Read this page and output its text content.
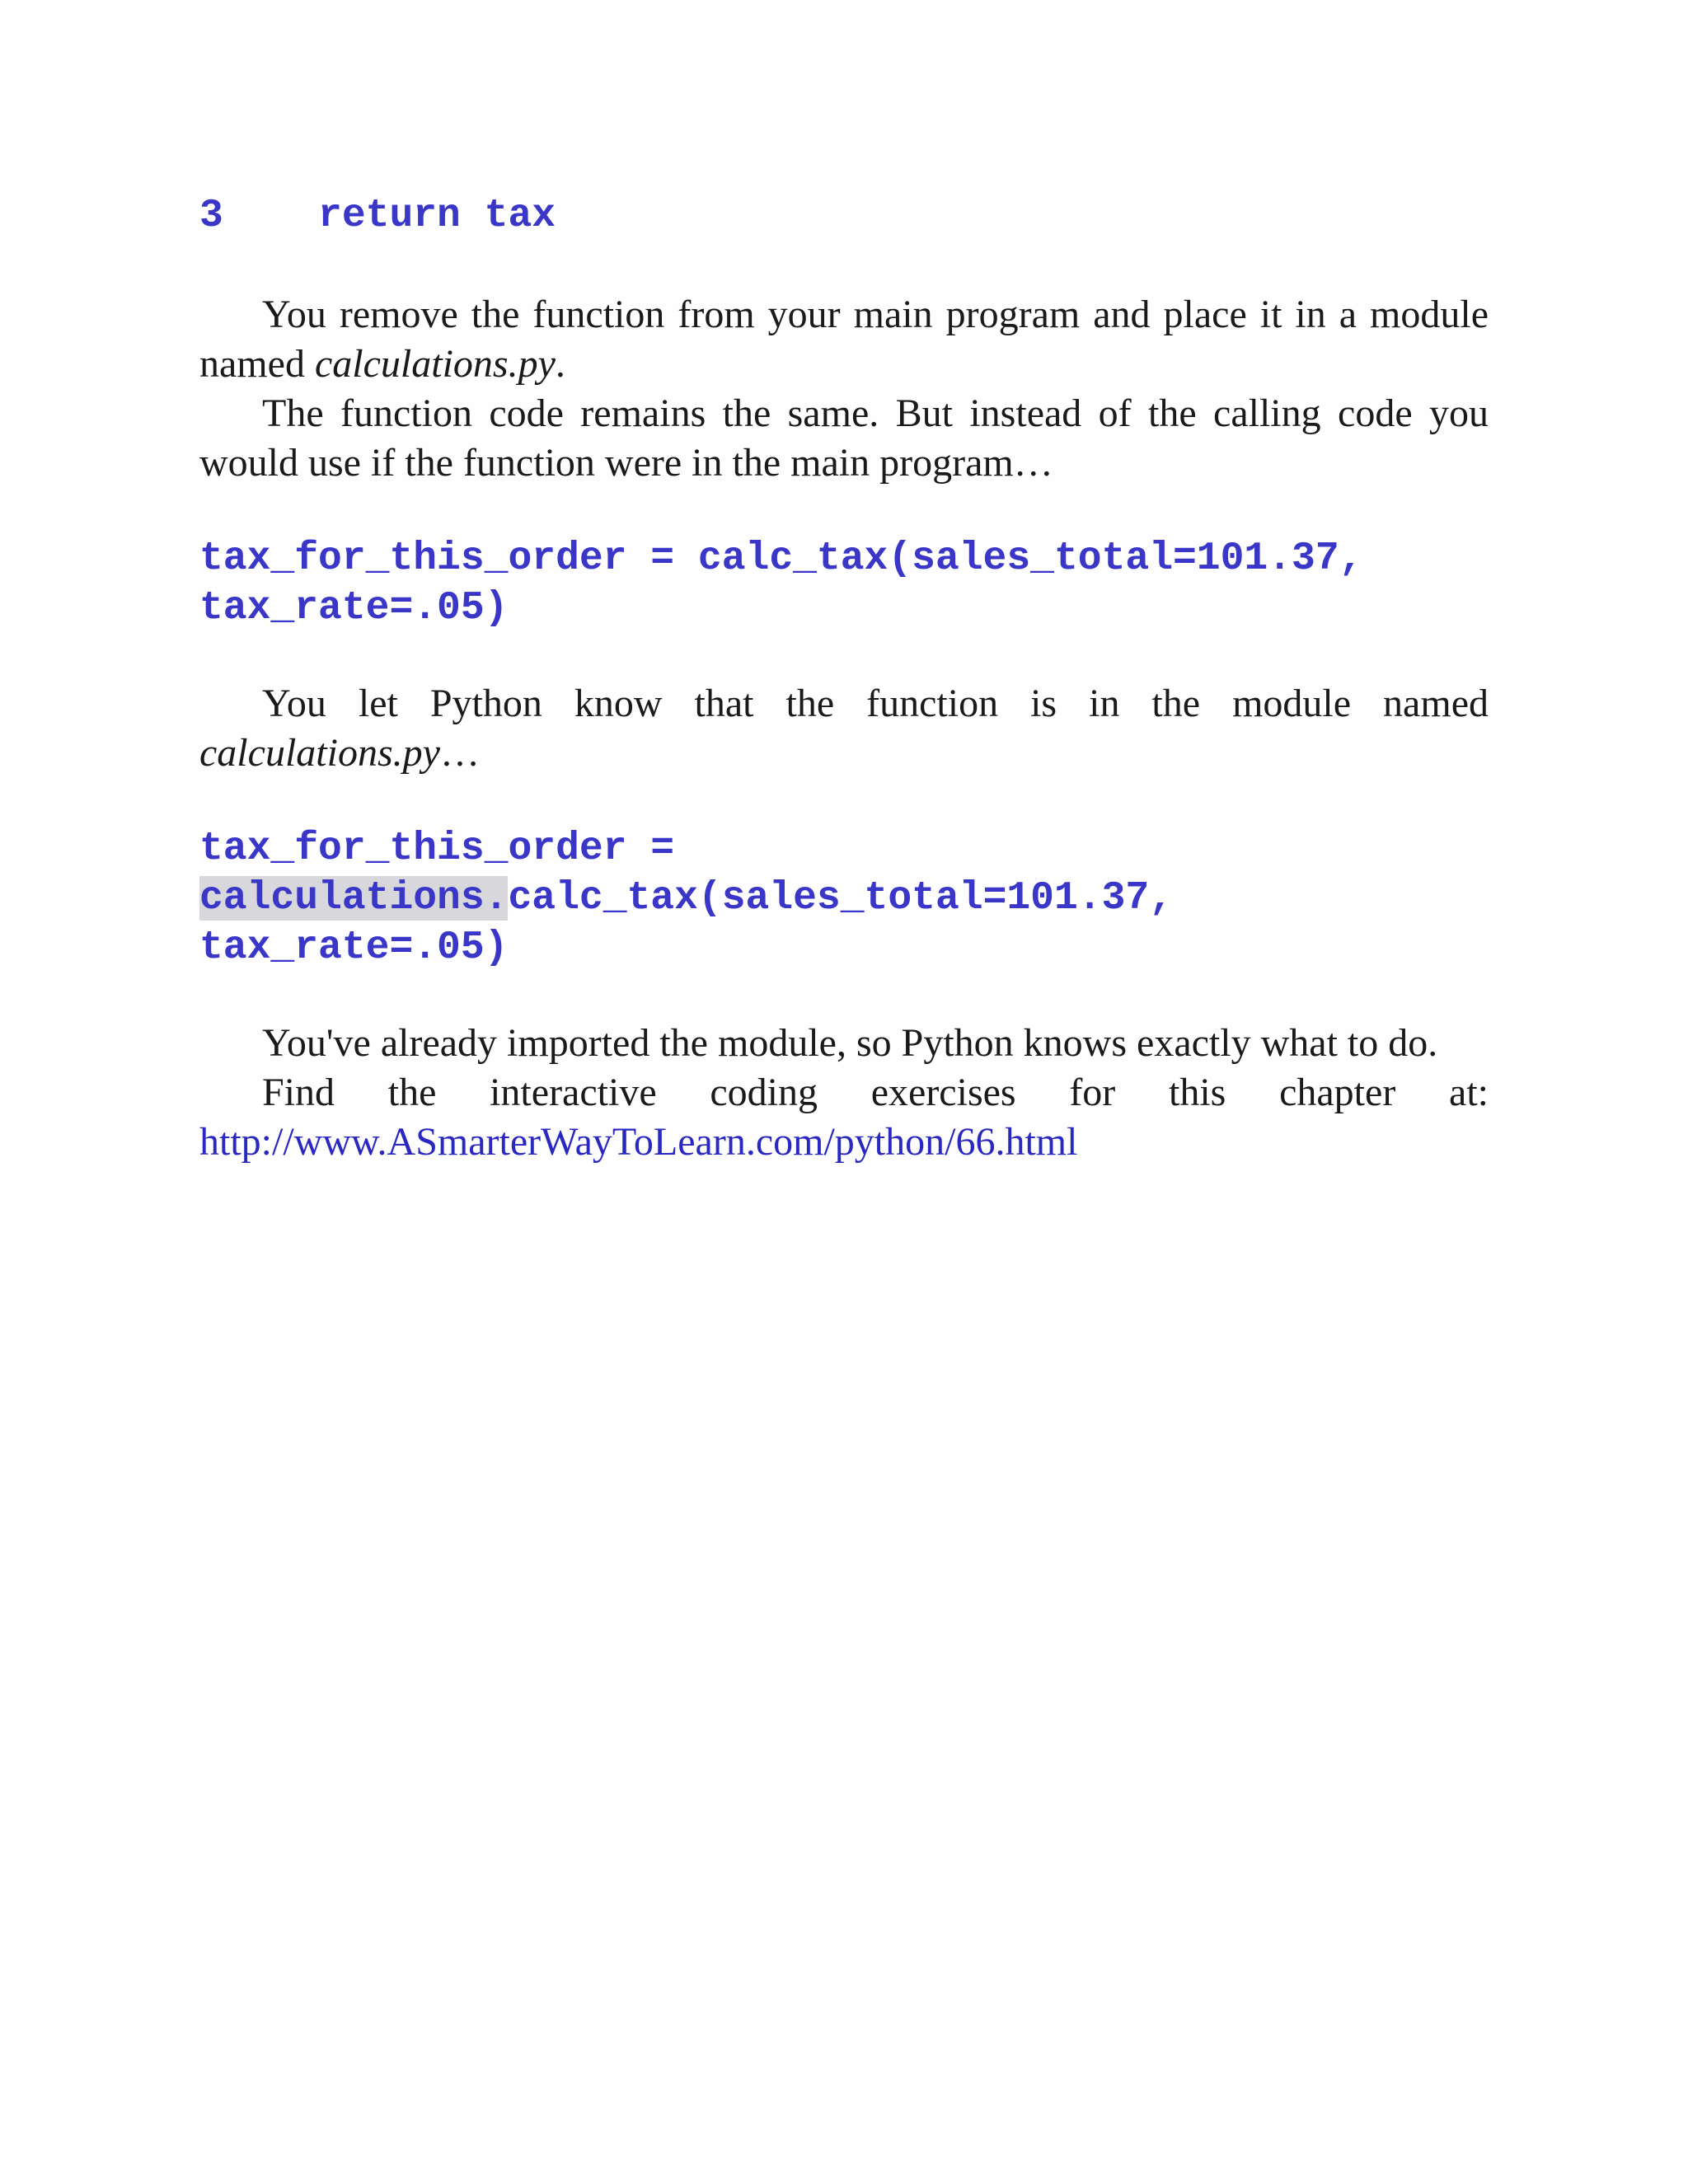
3 return tax

You remove the function from your main program and place it in a module named calculations.py.

The function code remains the same. But instead of the calling code you would use if the function were in the main program…

tax_for_this_order = calc_tax(sales_total=101.37,
tax_rate=.05)

You let Python know that the function is in the module named calculations.py…

tax_for_this_order =
calculations.calc_tax(sales_total=101.37,
tax_rate=.05)

You've already imported the module, so Python knows exactly what to do.

Find the interactive coding exercises for this chapter at: http://www.ASmarterWayToLearn.com/python/66.html
